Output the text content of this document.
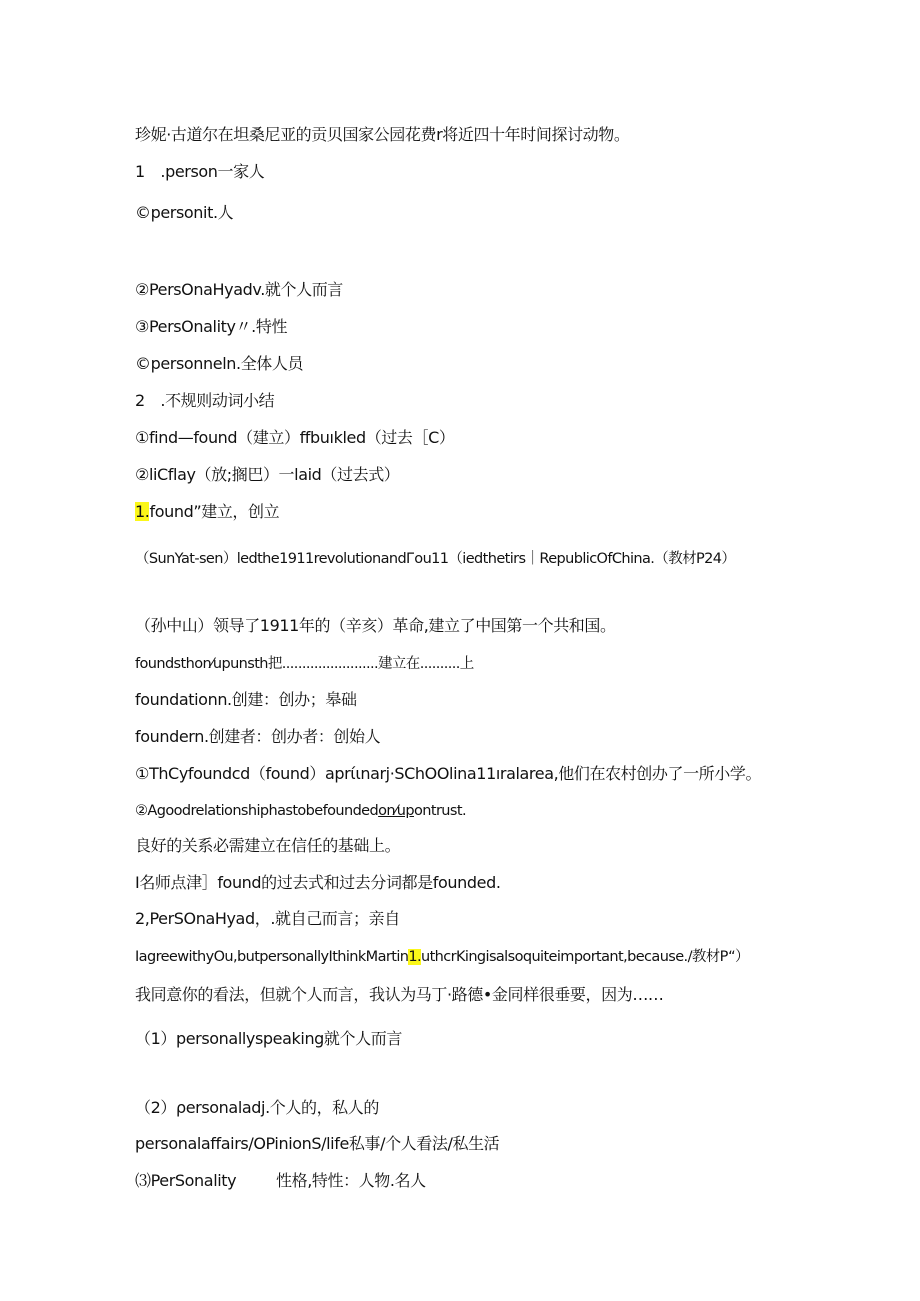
珍妮·古道尔在坦桑尼亚的贡贝国家公园花费r将近四十年时间探讨动物。
1　.person一家人
©personit.人
②PersOnaHyadv.就个人而言
③PersOnality〃.特性
©personneln.全体人员
2　.不规则动词小结
①find—found（建立）ffbuıkled（过去［C）
②liCflay（放;搁巴）一laid（过去式）
1.found”建立，创立
（SunYat-sen）ledthe1911revolutionandГou11（iedthetirs｜RepublicOfChina.（教材P24）
（孙中山）领导了1911年的（辛亥）革命,建立了中国第一个共和国。
foundsthon⁄upunsth把........................建立在..........上
foundationn.创建：创办；皋础
foundern.创建者：创办者：创始人
①ThCyfoundcd（found）aprίιnarj·SChOOlina11ıralarea,他们在农村创办了一所小学。
②Agoodrelationshiphastobefoundedon⁄upontrust.
良好的关系必需建立在信任的基础上。
I名师点津］found的过去式和过去分词都是founded.
2,PerSOnaHyad，.就自己而言；亲自
IagreewithyOu,butpersonallyIthinkMartin1.uthcrKingisalsoquiteimportant,because./教材P“）
我同意你的看法，但就个人而言，我认为马丁·路德•金同样很垂要，因为……
（1）personallyspeaking就个人而言
（2）ρersonaladj.个人的，私人的
personalaffairs/OPinionS/life私事/个人看法/私生活
⑶PerSonality 性格,特性：人物.名人
